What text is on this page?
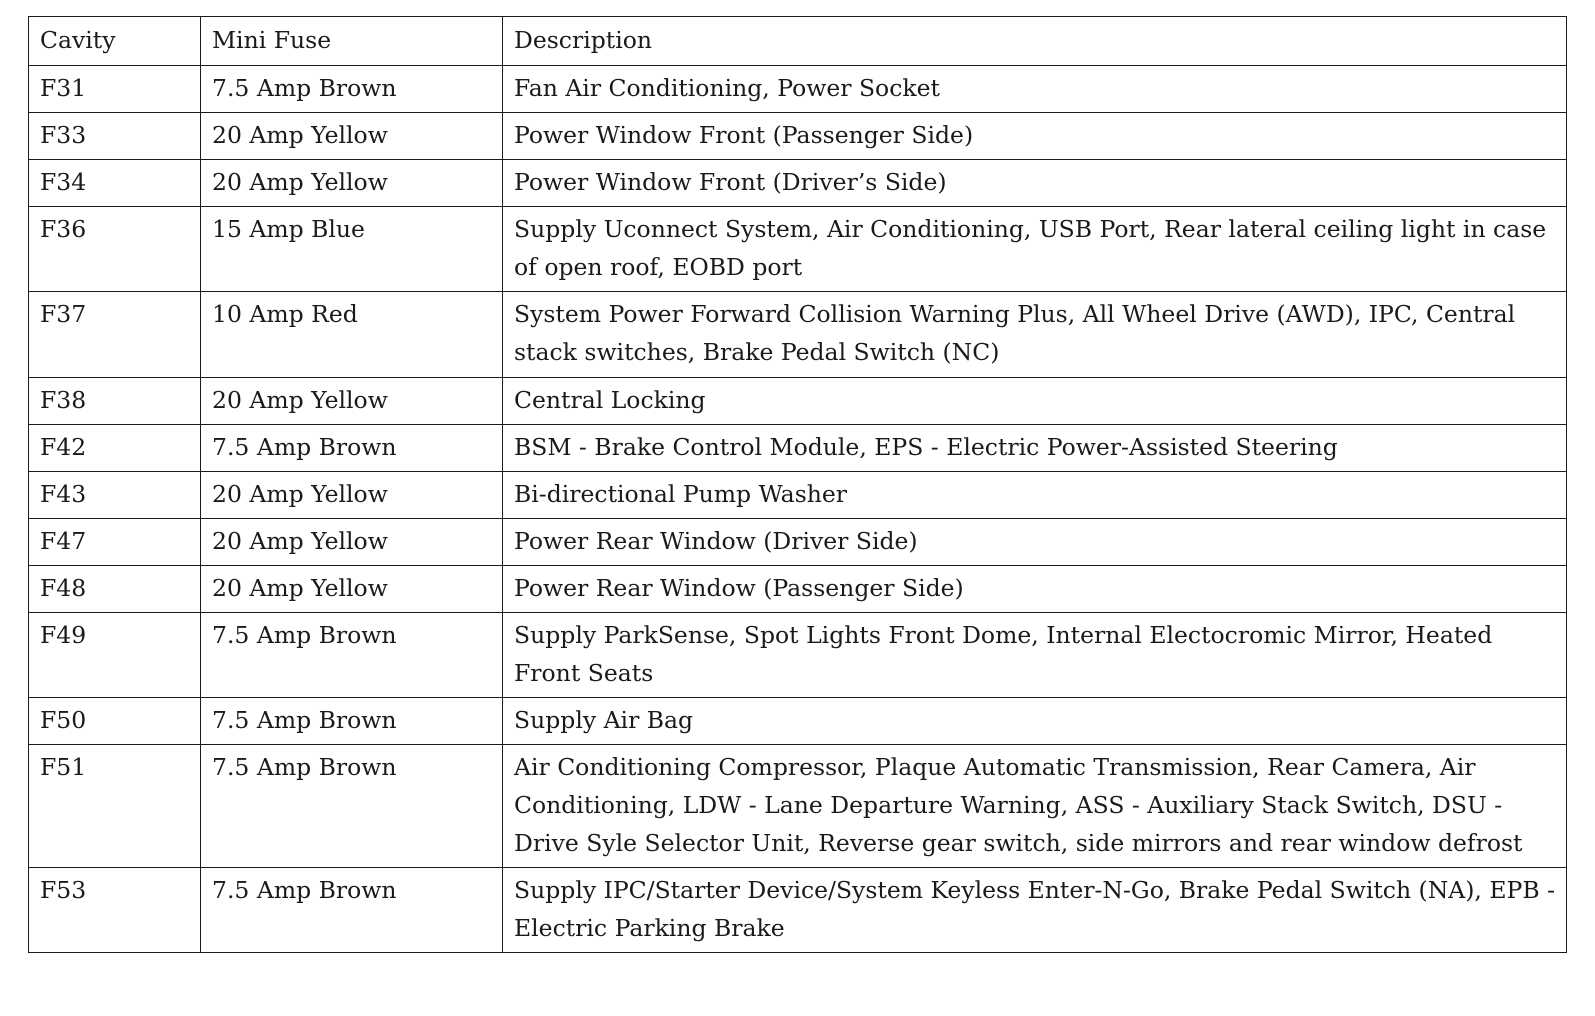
Cavity	Mini Fuse	Description
F31	7.5 Amp Brown	Fan Air Conditioning, Power Socket
F33	20 Amp Yellow	Power Window Front (Passenger Side)
F34	20 Amp Yellow	Power Window Front (Driver’s Side)
F36	15 Amp Blue	Supply Uconnect System, Air Conditioning, USB Port, Rear lateral ceiling light in case of open roof, EOBD port
F37	10 Amp Red	System Power Forward Collision Warning Plus, All Wheel Drive (AWD), IPC, Central stack switches, Brake Pedal Switch (NC)
F38	20 Amp Yellow	Central Locking
F42	7.5 Amp Brown	BSM - Brake Control Module, EPS - Electric Power-Assisted Steering
F43	20 Amp Yellow	Bi-directional Pump Washer
F47	20 Amp Yellow	Power Rear Window (Driver Side)
F48	20 Amp Yellow	Power Rear Window (Passenger Side)
F49	7.5 Amp Brown	Supply ParkSense, Spot Lights Front Dome, Internal Electocromic Mirror, Heated Front Seats
F50	7.5 Amp Brown	Supply Air Bag
F51	7.5 Amp Brown	Air Conditioning Compressor, Plaque Automatic Transmission, Rear Camera, Air Conditioning, LDW - Lane Departure Warning, ASS - Auxiliary Stack Switch, DSU - Drive Syle Selector Unit, Reverse gear switch, side mirrors and rear window defrost
F53	7.5 Amp Brown	Supply IPC/Starter Device/System Keyless Enter-N-Go, Brake Pedal Switch (NA), EPB - Electric Parking Brake
